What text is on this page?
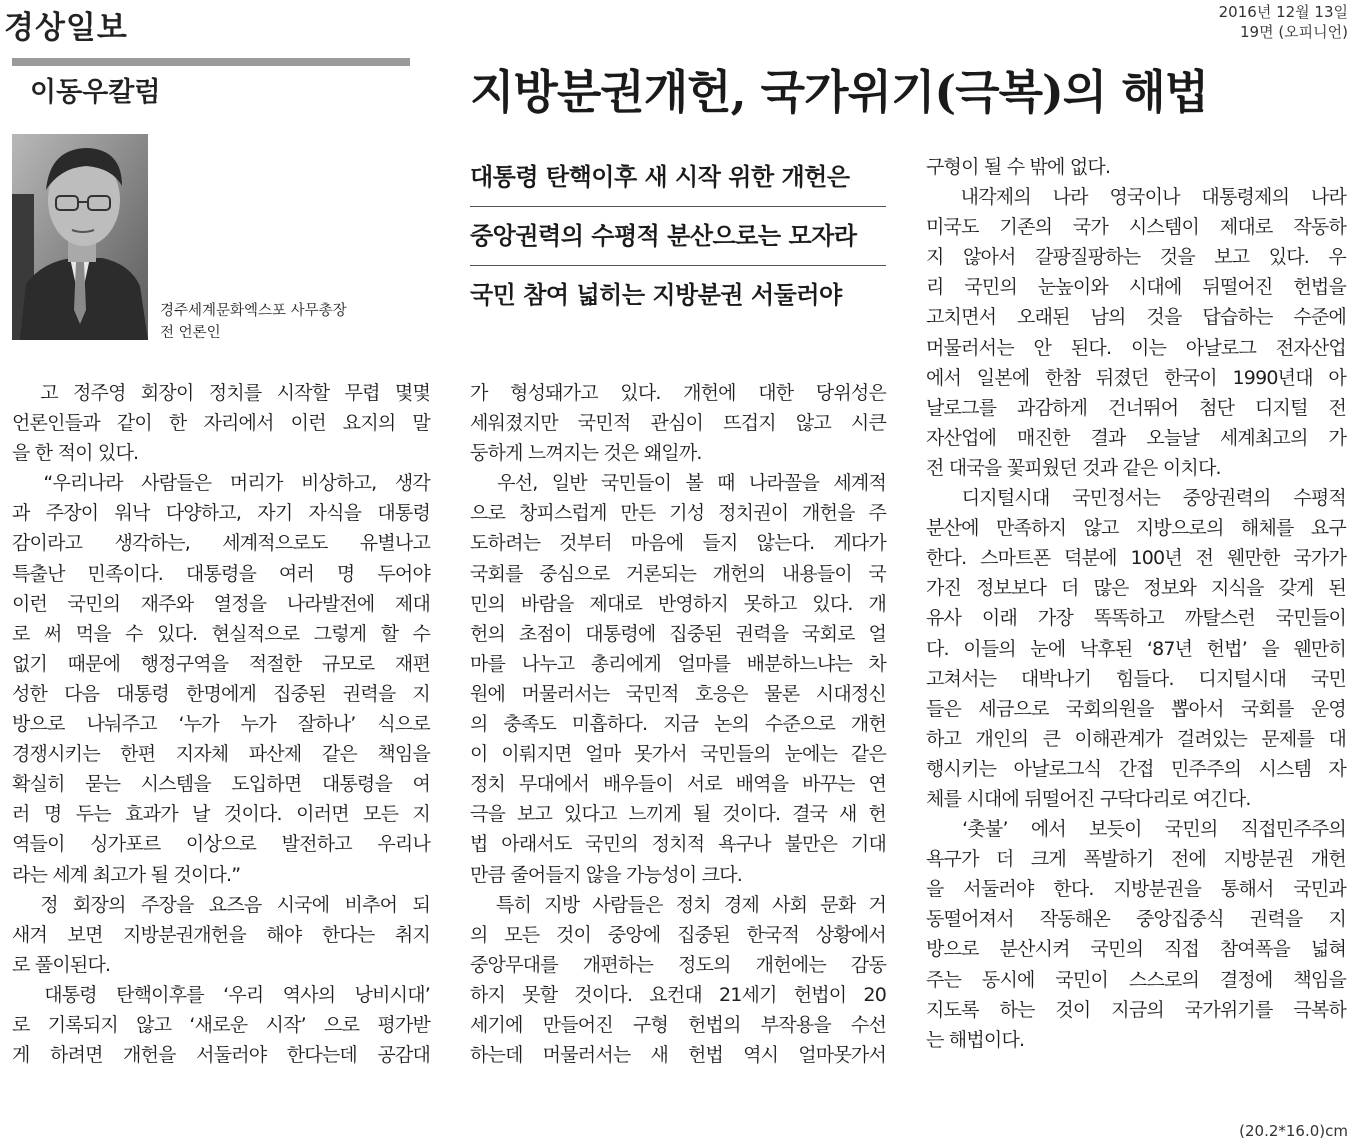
경상일보	2016년 12월 13일
19면 (오피니언)
이동우칼럼
경주세계문화엑스포 사무총장
전 언론인
지방분권개헌, 국가위기(극복)의 해법
대통령 탄핵이후 새 시작 위한 개헌은
중앙권력의 수평적 분산으로는 모자라
국민 참여 넓히는 지방분권 서둘러야
　고 정주영 회장이 정치를 시작할 무렵 몇몇
언론인들과 같이 한 자리에서 이런 요지의 말
을 한 적이 있다.
　“우리나라 사람들은 머리가 비상하고, 생각
과 주장이 워낙 다양하고, 자기 자식을 대통령
감이라고 생각하는, 세계적으로도 유별나고
특출난 민족이다. 대통령을 여러 명 두어야
이런 국민의 재주와 열정을 나라발전에 제대
로 써 먹을 수 있다. 현실적으로 그렇게 할 수
없기 때문에 행정구역을 적절한 규모로 재편
성한 다음 대통령 한명에게 집중된 권력을 지
방으로 나눠주고 ‘누가 누가 잘하나’ 식으로
경쟁시키는 한편 지자체 파산제 같은 책임을
확실히 묻는 시스템을 도입하면 대통령을 여
러 명 두는 효과가 날 것이다. 이러면 모든 지
역들이 싱가포르 이상으로 발전하고 우리나
라는 세계 최고가 될 것이다.”
　정 회장의 주장을 요즈음 시국에 비추어 되
새겨 보면 지방분권개헌을 해야 한다는 취지
로 풀이된다.
　대통령 탄핵이후를 ‘우리 역사의 낭비시대’
로 기록되지 않고 ‘새로운 시작’ 으로 평가받
게 하려면 개헌을 서둘러야 한다는데 공감대
가 형성돼가고 있다. 개헌에 대한 당위성은
세워졌지만 국민적 관심이 뜨겁지 않고 시큰
둥하게 느껴지는 것은 왜일까.
　우선, 일반 국민들이 볼 때 나라꼴을 세계적
으로 창피스럽게 만든 기성 정치권이 개헌을 주
도하려는 것부터 마음에 들지 않는다. 게다가
국회를 중심으로 거론되는 개헌의 내용들이 국
민의 바람을 제대로 반영하지 못하고 있다. 개
헌의 초점이 대통령에 집중된 권력을 국회로 얼
마를 나누고 총리에게 얼마를 배분하느냐는 차
원에 머물러서는 국민적 호응은 물론 시대정신
의 충족도 미흡하다. 지금 논의 수준으로 개헌
이 이뤄지면 얼마 못가서 국민들의 눈에는 같은
정치 무대에서 배우들이 서로 배역을 바꾸는 연
극을 보고 있다고 느끼게 될 것이다. 결국 새 헌
법 아래서도 국민의 정치적 욕구나 불만은 기대
만큼 줄어들지 않을 가능성이 크다.
　특히 지방 사람들은 정치 경제 사회 문화 거
의 모든 것이 중앙에 집중된 한국적 상황에서
중앙무대를 개편하는 정도의 개헌에는 감동
하지 못할 것이다. 요컨대 21세기 헌법이 20
세기에 만들어진 구형 헌법의 부작용을 수선
하는데 머물러서는 새 헌법 역시 얼마못가서
구형이 될 수 밖에 없다.
　내각제의 나라 영국이나 대통령제의 나라
미국도 기존의 국가 시스템이 제대로 작동하
지 않아서 갈팡질팡하는 것을 보고 있다. 우
리 국민의 눈높이와 시대에 뒤떨어진 헌법을
고치면서 오래된 남의 것을 답습하는 수준에
머물러서는 안 된다. 이는 아날로그 전자산업
에서 일본에 한참 뒤졌던 한국이 1990년대 아
날로그를 과감하게 건너뛰어 첨단 디지털 전
자산업에 매진한 결과 오늘날 세계최고의 가
전 대국을 꽃피웠던 것과 같은 이치다.
　디지털시대 국민정서는 중앙권력의 수평적
분산에 만족하지 않고 지방으로의 해체를 요구
한다. 스마트폰 덕분에 100년 전 웬만한 국가가
가진 정보보다 더 많은 정보와 지식을 갖게 된
유사 이래 가장 똑똑하고 까탈스런 국민들이
다. 이들의 눈에 낙후된 ‘87년 헌법’ 을 웬만히
고쳐서는 대박나기 힘들다. 디지털시대 국민
들은 세금으로 국회의원을 뽑아서 국회를 운영
하고 개인의 큰 이해관계가 걸려있는 문제를 대
행시키는 아날로그식 간접 민주주의 시스템 자
체를 시대에 뒤떨어진 구닥다리로 여긴다.
　‘촛불’ 에서 보듯이 국민의 직접민주주의
욕구가 더 크게 폭발하기 전에 지방분권 개헌
을 서둘러야 한다. 지방분권을 통해서 국민과
동떨어져서 작동해온 중앙집중식 권력을 지
방으로 분산시켜 국민의 직접 참여폭을 넓혀
주는 동시에 국민이 스스로의 결정에 책임을
지도록 하는 것이 지금의 국가위기를 극복하
는 해법이다.
(20.2*16.0)cm
